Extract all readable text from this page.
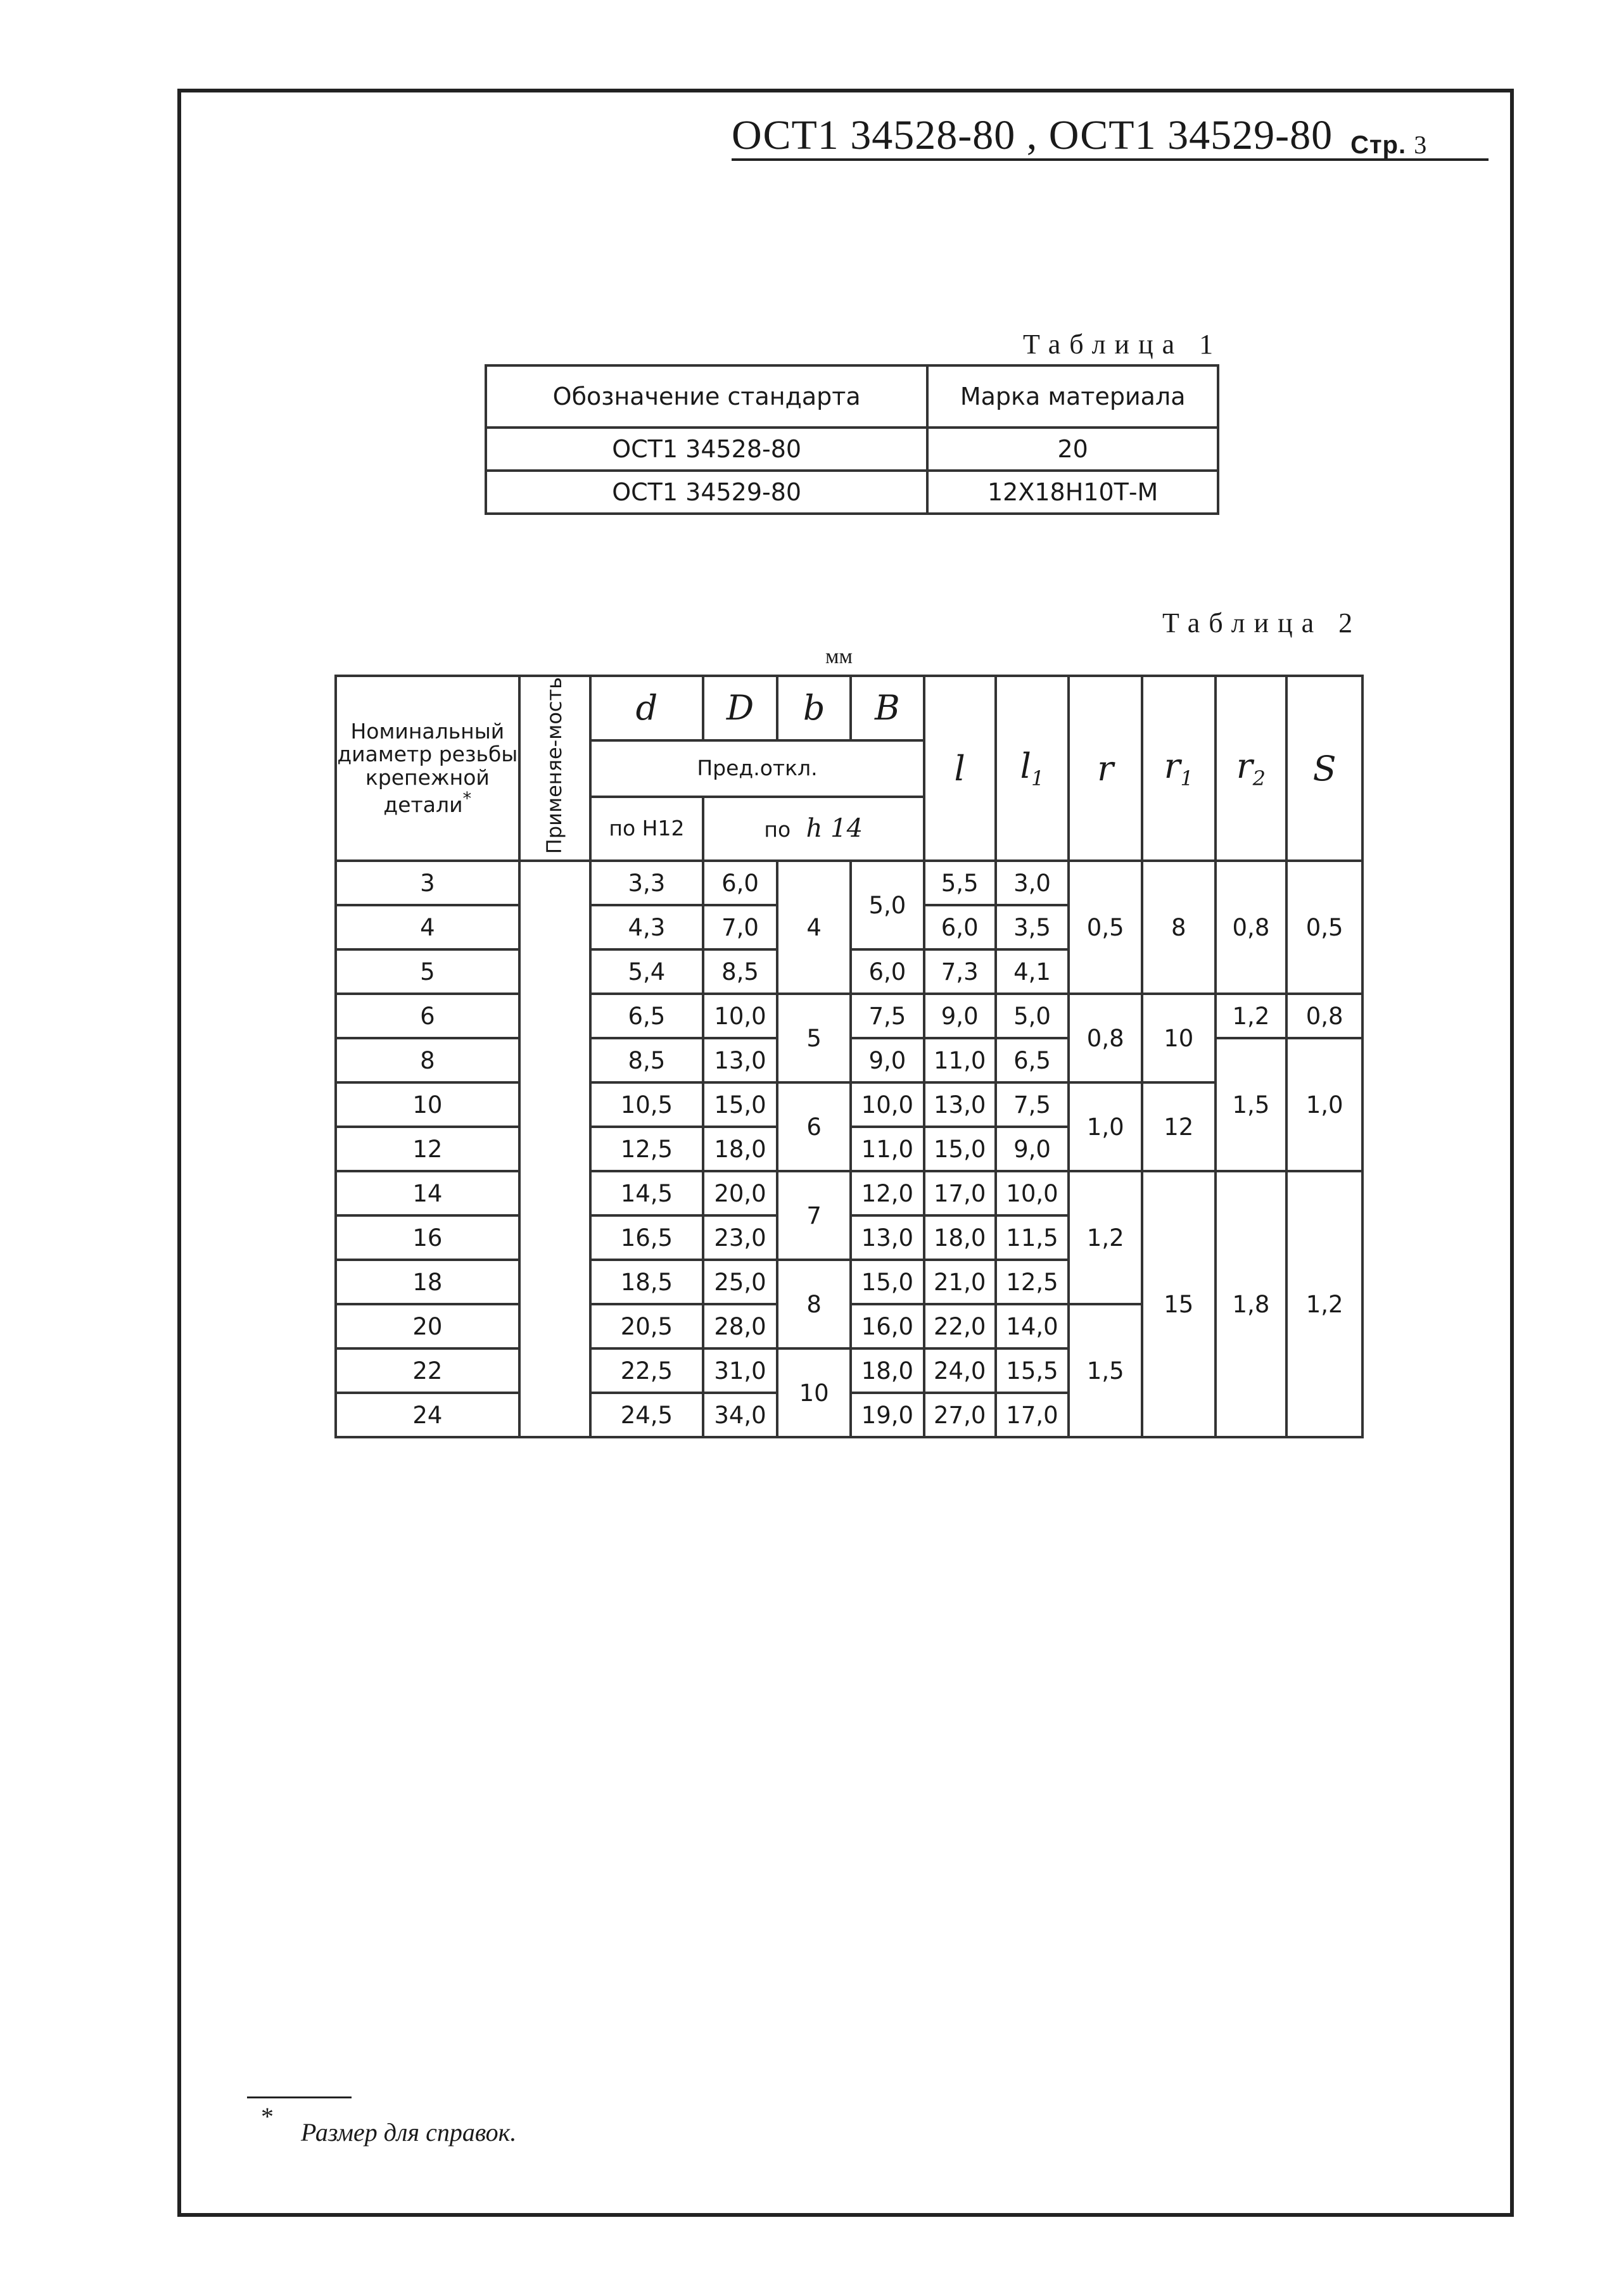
ОСТ1 34528-80 , ОСТ1 34529-80 Стр. 3
Таблица 1
Обозначение стандарта	Марка материала
ОСТ1 34528-80	20
ОСТ1 34529-80	12Х18Н10Т-М
Таблица 2
мм
Номинальный диаметр резьбы крепежной детали*	Применяе-мость	d	D	b	B	l	$l_1$	r	$r_1$	$r_2$	S
		Пред.откл.									
		по Н12	по h 14								
3		3,3	6,0	4	5,0	5,5	3,0	0,5	8	0,8	0,5
4		4,3	7,0			6,0	3,5				
5		5,4	8,5		6,0	7,3	4,1				
6		6,5	10,0	5	7,5	9,0	5,0	0,8	10	1,2	0,8
8		8,5	13,0		9,0	11,0	6,5			1,5	1,0
10		10,5	15,0	6	10,0	13,0	7,5	1,0	12		
12		12,5	18,0		11,0	15,0	9,0				
14		14,5	20,0	7	12,0	17,0	10,0	1,2	15	1,8	1,2
16		16,5	23,0		13,0	18,0	11,5				
18		18,5	25,0	8	15,0	21,0	12,5				
20		20,5	28,0		16,0	22,0	14,0	1,5			
22		22,5	31,0	10	18,0	24,0	15,5				
24		24,5	34,0		19,0	27,0	17,0				
*
Размер для справок.
